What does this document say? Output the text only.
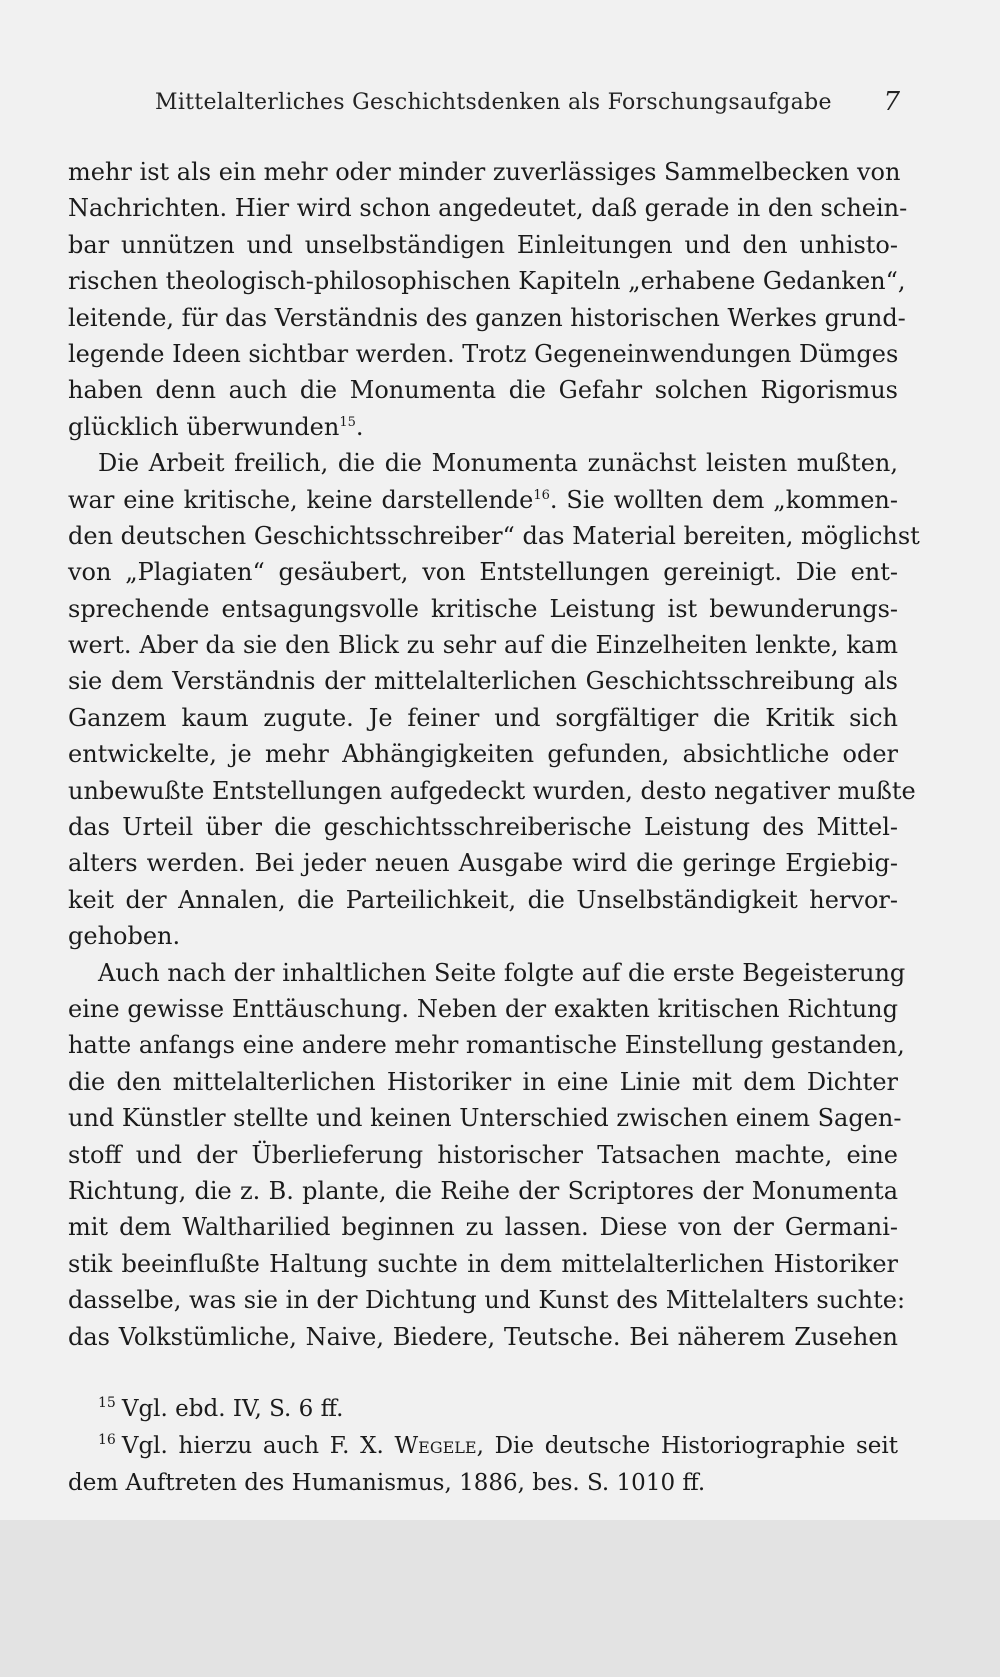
Mittelalterliches Geschichtsdenken als Forschungsaufgabe 7
mehr ist als ein mehr oder minder zuverlässiges Sammelbecken von
Nachrichten. Hier wird schon angedeutet, daß gerade in den schein-
bar unnützen und unselbständigen Einleitungen und den unhisto-
rischen theologisch-philosophischen Kapiteln „erhabene Gedanken“,
leitende, für das Verständnis des ganzen historischen Werkes grund-
legende Ideen sichtbar werden. Trotz Gegeneinwendungen Dümges
haben denn auch die Monumenta die Gefahr solchen Rigorismus
glücklich überwunden$^{15}$.
Die Arbeit freilich, die die Monumenta zunächst leisten mußten,
war eine kritische, keine darstellende$^{16}$. Sie wollten dem „kommen-
den deutschen Geschichtsschreiber“ das Material bereiten, möglichst
von „Plagiaten“ gesäubert, von Entstellungen gereinigt. Die ent-
sprechende entsagungsvolle kritische Leistung ist bewunderungs-
wert. Aber da sie den Blick zu sehr auf die Einzelheiten lenkte, kam
sie dem Verständnis der mittelalterlichen Geschichtsschreibung als
Ganzem kaum zugute. Je feiner und sorgfältiger die Kritik sich
entwickelte, je mehr Abhängigkeiten gefunden, absichtliche oder
unbewußte Entstellungen aufgedeckt wurden, desto negativer mußte
das Urteil über die geschichtsschreiberische Leistung des Mittel-
alters werden. Bei jeder neuen Ausgabe wird die geringe Ergiebig-
keit der Annalen, die Parteilichkeit, die Unselbständigkeit hervor-
gehoben.
Auch nach der inhaltlichen Seite folgte auf die erste Begeisterung
eine gewisse Enttäuschung. Neben der exakten kritischen Richtung
hatte anfangs eine andere mehr romantische Einstellung gestanden,
die den mittelalterlichen Historiker in eine Linie mit dem Dichter
und Künstler stellte und keinen Unterschied zwischen einem Sagen-
stoff und der Überlieferung historischer Tatsachen machte, eine
Richtung, die z. B. plante, die Reihe der Scriptores der Monumenta
mit dem Waltharilied beginnen zu lassen. Diese von der Germani-
stik beeinflußte Haltung suchte in dem mittelalterlichen Historiker
dasselbe, was sie in der Dichtung und Kunst des Mittelalters suchte:
das Volkstümliche, Naive, Biedere, Teutsche. Bei näherem Zusehen
$^{15}$ Vgl. ebd. IV, S. 6 ff.
$^{16}$ Vgl. hierzu auch F. X. Wegele, Die deutsche Historiographie seit
dem Auftreten des Humanismus, 1886, bes. S. 1010 ff.
